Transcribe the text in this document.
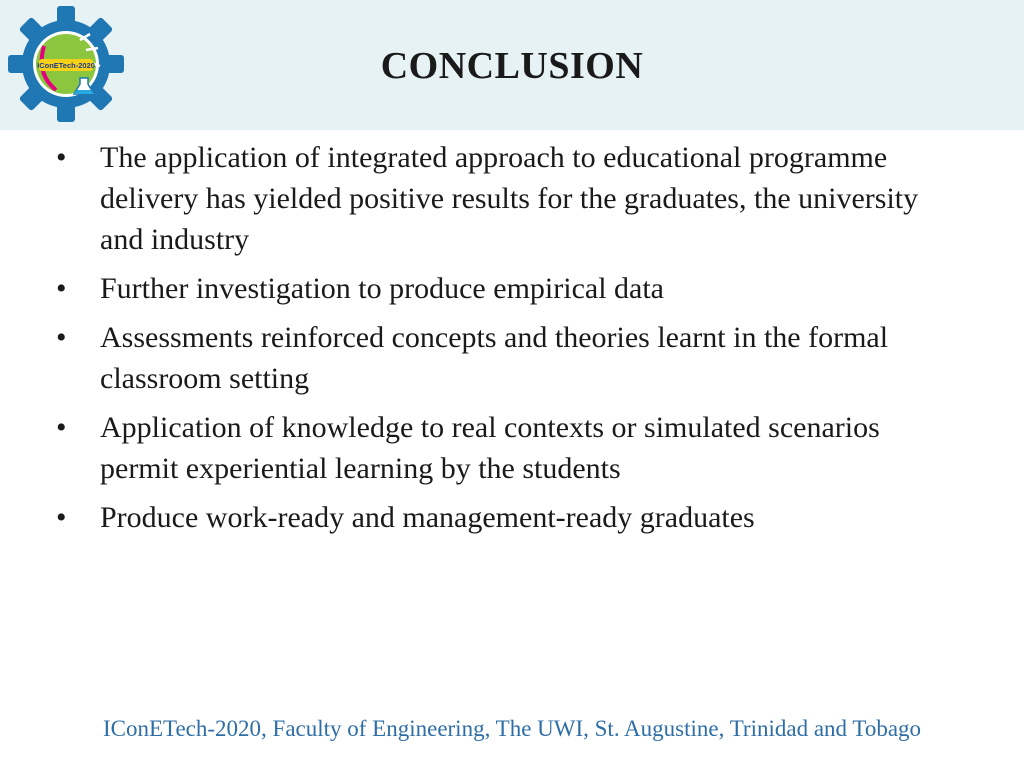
IConETech-2020	CONCLUSION
• The application of integrated approach to educational programme delivery has yielded positive results for the graduates, the university and industry
• Further investigation to produce empirical data
• Assessments reinforced concepts and theories learnt in the formal classroom setting
• Application of knowledge to real contexts or simulated scenarios permit experiential learning by the students
• Produce work-ready and management-ready graduates
IConETech-2020, Faculty of Engineering, The UWI, St. Augustine, Trinidad and Tobago
